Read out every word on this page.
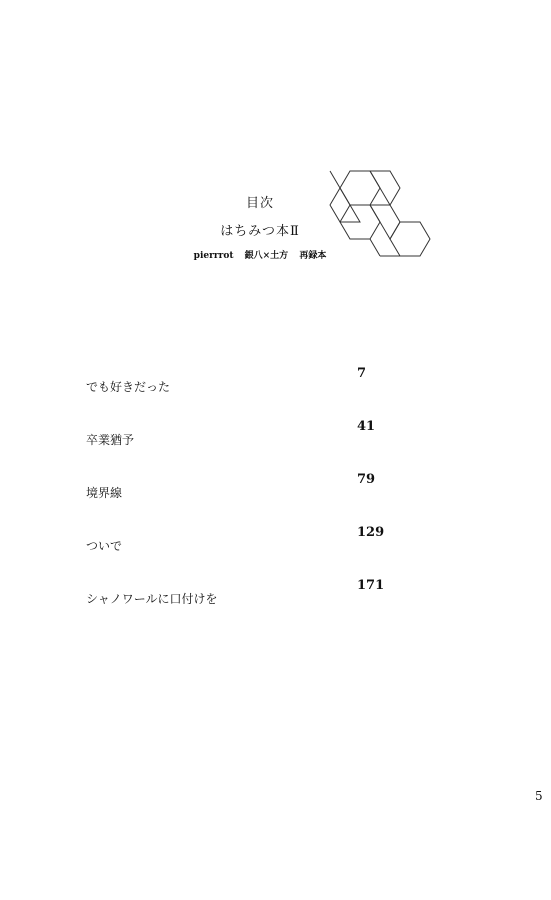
目次
はちみつ本Ⅱ
pierrrot 銀八×土方 再録本
でも好きだった
7
卒業猶予
41
境界線
79
ついで
129
シャノワールに口付けを
171
5
